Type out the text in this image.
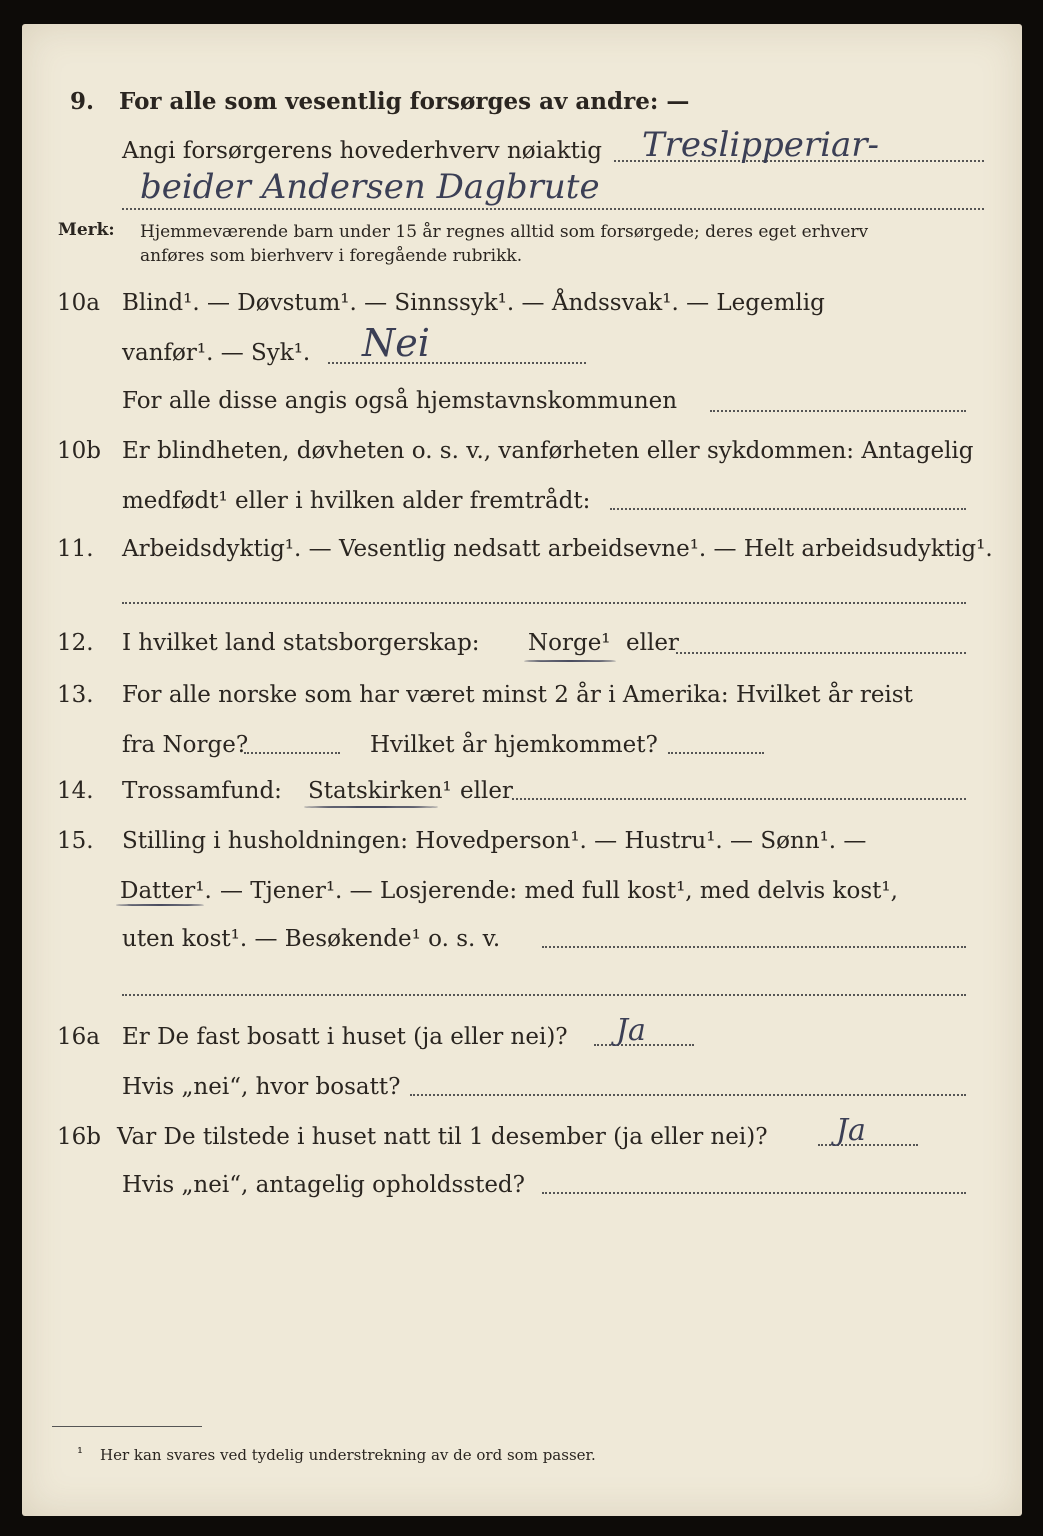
9. For alle som vesentlig forsørges av andre: —
Angi forsørgerens hovederhverv nøiaktig Treslipperiar-
beider Andersen Dagbrute
Merk: Hjemmeværende barn under 15 år regnes alltid som forsørgede; deres eget erhverv
anføres som bierhverv i foregående rubrikk.
10a Blind¹. — Døvstum¹. — Sinnssyk¹. — Åndssvak¹. — Legemlig
vanfør¹. — Syk¹. Nei
For alle disse angis også hjemstavnskommunen
10b Er blindheten, døvheten o. s. v., vanførheten eller sykdommen: Antagelig
medfødt¹ eller i hvilken alder fremtrådt:
11. Arbeidsdyktig¹. — Vesentlig nedsatt arbeidsevne¹. — Helt arbeidsudyktig¹.
12. I hvilket land statsborgerskap: Norge¹ eller
13. For alle norske som har været minst 2 år i Amerika: Hvilket år reist
fra Norge?	Hvilket år hjemkommet?
14. Trossamfund: Statskirken¹ eller
15. Stilling i husholdningen: Hovedperson¹. — Hustru¹. — Sønn¹. —
Datter¹. — Tjener¹. — Losjerende: med full kost¹, med delvis kost¹,
uten kost¹. — Besøkende¹ o. s. v.
16a Er De fast bosatt i huset (ja eller nei)? Ja
Hvis „nei“, hvor bosatt?
16b Var De tilstede i huset natt til 1 desember (ja eller nei)? Ja
Hvis „nei“, antagelig opholdssted?
¹ Her kan svares ved tydelig understrekning av de ord som passer.
